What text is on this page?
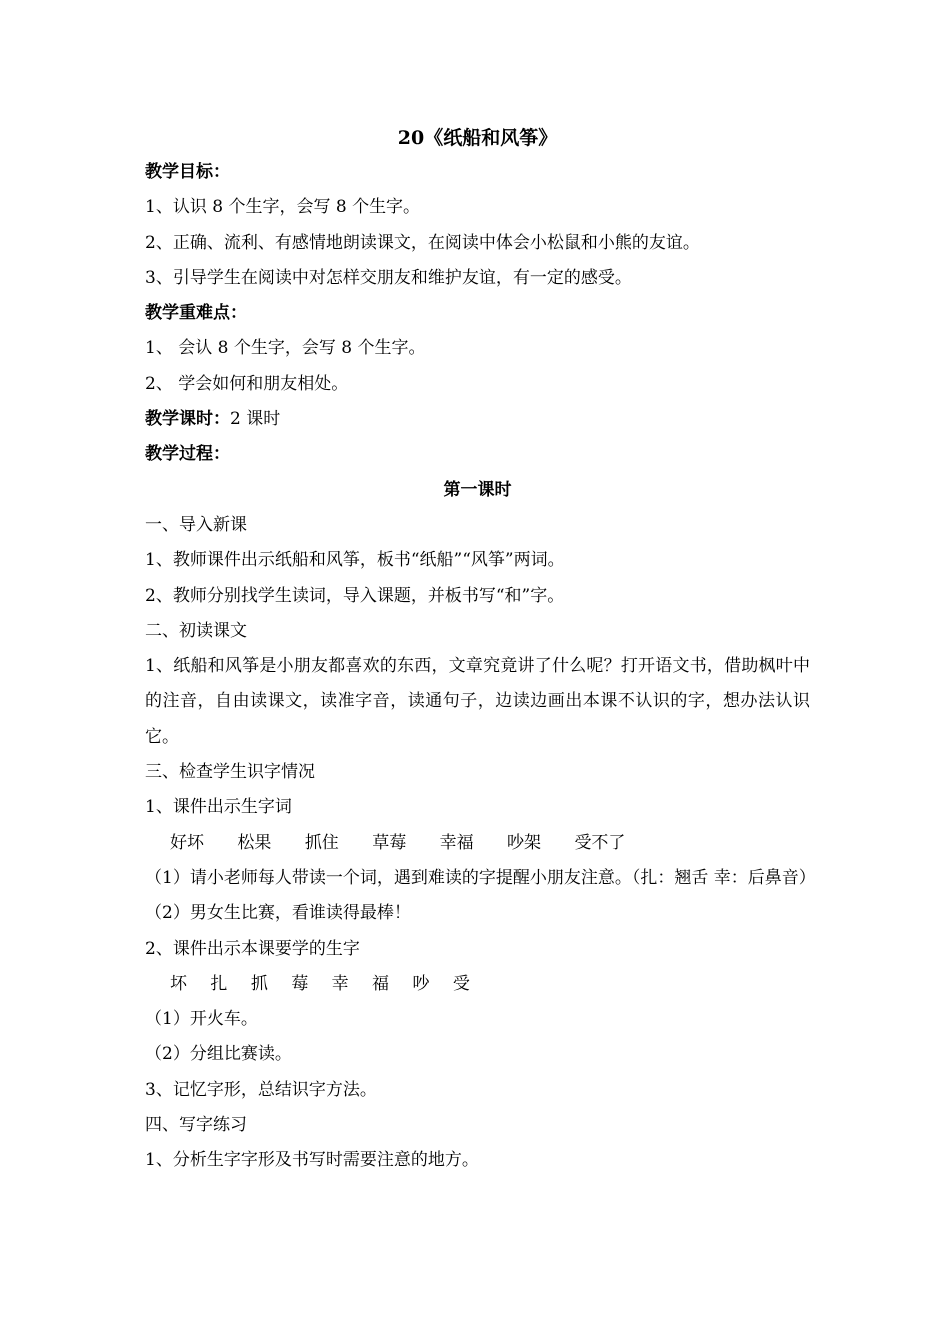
20《纸船和风筝》
教学目标：
1、认识 8 个生字，会写 8 个生字。
2、正确、流利、有感情地朗读课文，在阅读中体会小松鼠和小熊的友谊。
3、引导学生在阅读中对怎样交朋友和维护友谊，有一定的感受。
教学重难点：
1、 会认 8 个生字，会写 8 个生字。
2、 学会如何和朋友相处。
教学课时：2 课时
教学过程：
第一课时
一、导入新课
1、教师课件出示纸船和风筝，板书“纸船”“风筝”两词。
2、教师分别找学生读词，导入课题，并板书写“和”字。
二、初读课文
1、纸船和风筝是小朋友都喜欢的东西，文章究竟讲了什么呢？打开语文书，借助枫叶中的注音，自由读课文，读准字音，读通句子，边读边画出本课不认识的字，想办法认识它。
三、检查学生识字情况
1、课件出示生字词
好坏 松果 抓住 草莓 幸福 吵架 受不了
（1）请小老师每人带读一个词，遇到难读的字提醒小朋友注意。（扎：翘舌 幸：后鼻音）
（2）男女生比赛，看谁读得最棒！
2、课件出示本课要学的生字
坏 扎 抓 莓 幸 福 吵 受
（1）开火车。
（2）分组比赛读。
3、记忆字形，总结识字方法。
四、写字练习
1、分析生字字形及书写时需要注意的地方。
